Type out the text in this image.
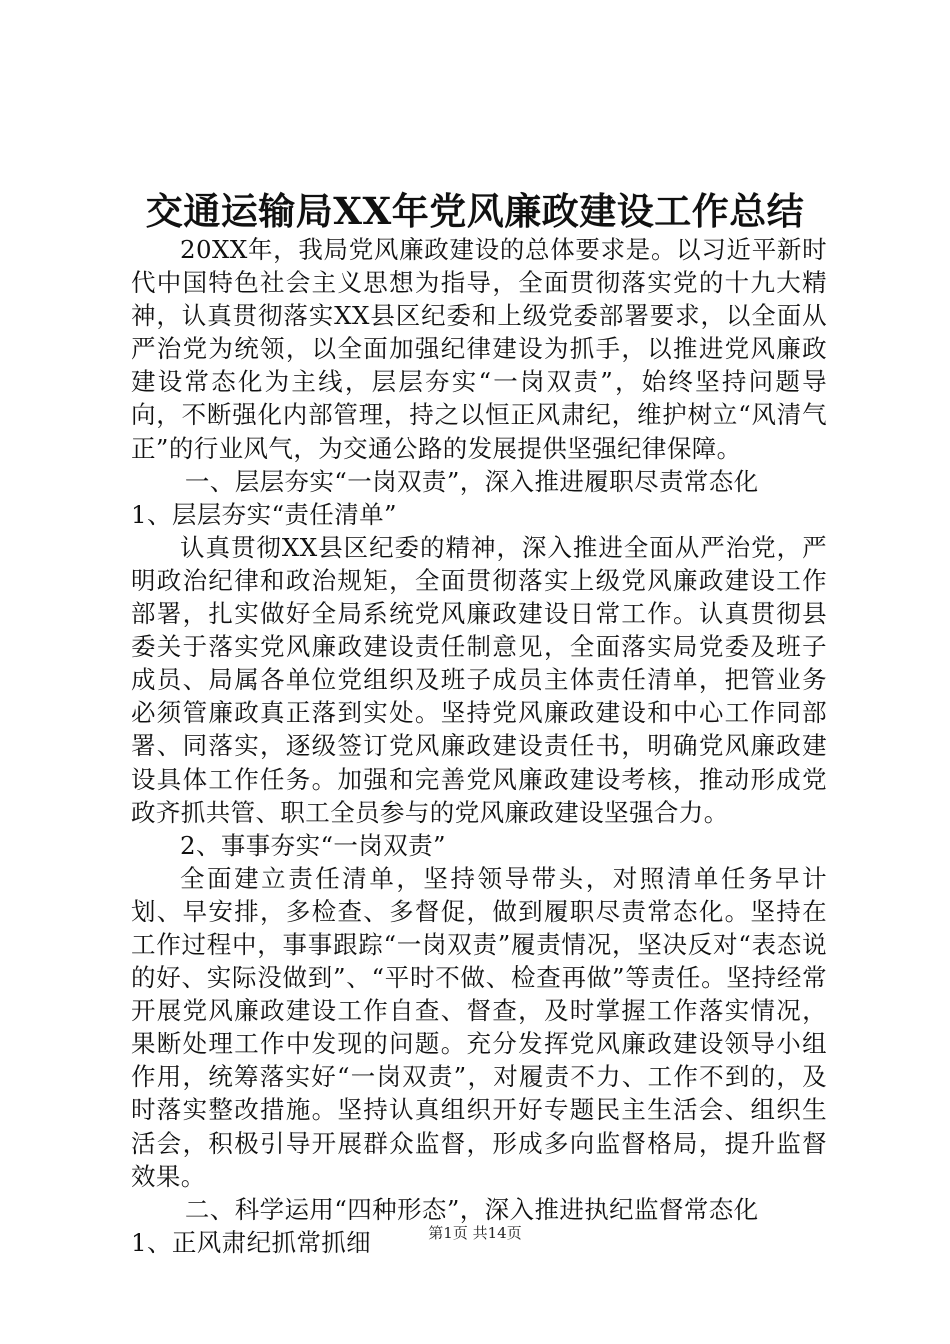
交通运输局XX年党风廉政建设工作总结

20XX年，我局党风廉政建设的总体要求是。以习近平新时代中国特色社会主义思想为指导，全面贯彻落实党的十九大精神，认真贯彻落实XX县区纪委和上级党委部署要求，以全面从严治党为统领，以全面加强纪律建设为抓手，以推进党风廉政建设常态化为主线，层层夯实“一岗双责”，始终坚持问题导向，不断强化内部管理，持之以恒正风肃纪，维护树立“风清气正”的行业风气，为交通公路的发展提供坚强纪律保障。

一、层层夯实“一岗双责”，深入推进履职尽责常态化

1、层层夯实“责任清单”

认真贯彻XX县区纪委的精神，深入推进全面从严治党，严明政治纪律和政治规矩，全面贯彻落实上级党风廉政建设工作部署，扎实做好全局系统党风廉政建设日常工作。认真贯彻县委关于落实党风廉政建设责任制意见，全面落实局党委及班子成员、局属各单位党组织及班子成员主体责任清单，把管业务必须管廉政真正落到实处。坚持党风廉政建设和中心工作同部署、同落实，逐级签订党风廉政建设责任书，明确党风廉政建设具体工作任务。加强和完善党风廉政建设考核，推动形成党政齐抓共管、职工全员参与的党风廉政建设坚强合力。

2、事事夯实“一岗双责”

全面建立责任清单，坚持领导带头，对照清单任务早计划、早安排，多检查、多督促，做到履职尽责常态化。坚持在工作过程中，事事跟踪“一岗双责”履责情况，坚决反对“表态说的好、实际没做到”、“平时不做、检查再做”等责任。坚持经常开展党风廉政建设工作自查、督查，及时掌握工作落实情况，果断处理工作中发现的问题。充分发挥党风廉政建设领导小组作用，统筹落实好“一岗双责”，对履责不力、工作不到的，及时落实整改措施。坚持认真组织开好专题民主生活会、组织生活会，积极引导开展群众监督，形成多向监督格局，提升监督效果。

二、科学运用“四种形态”，深入推进执纪监督常态化

1、正风肃纪抓常抓细	第1页 共14页
